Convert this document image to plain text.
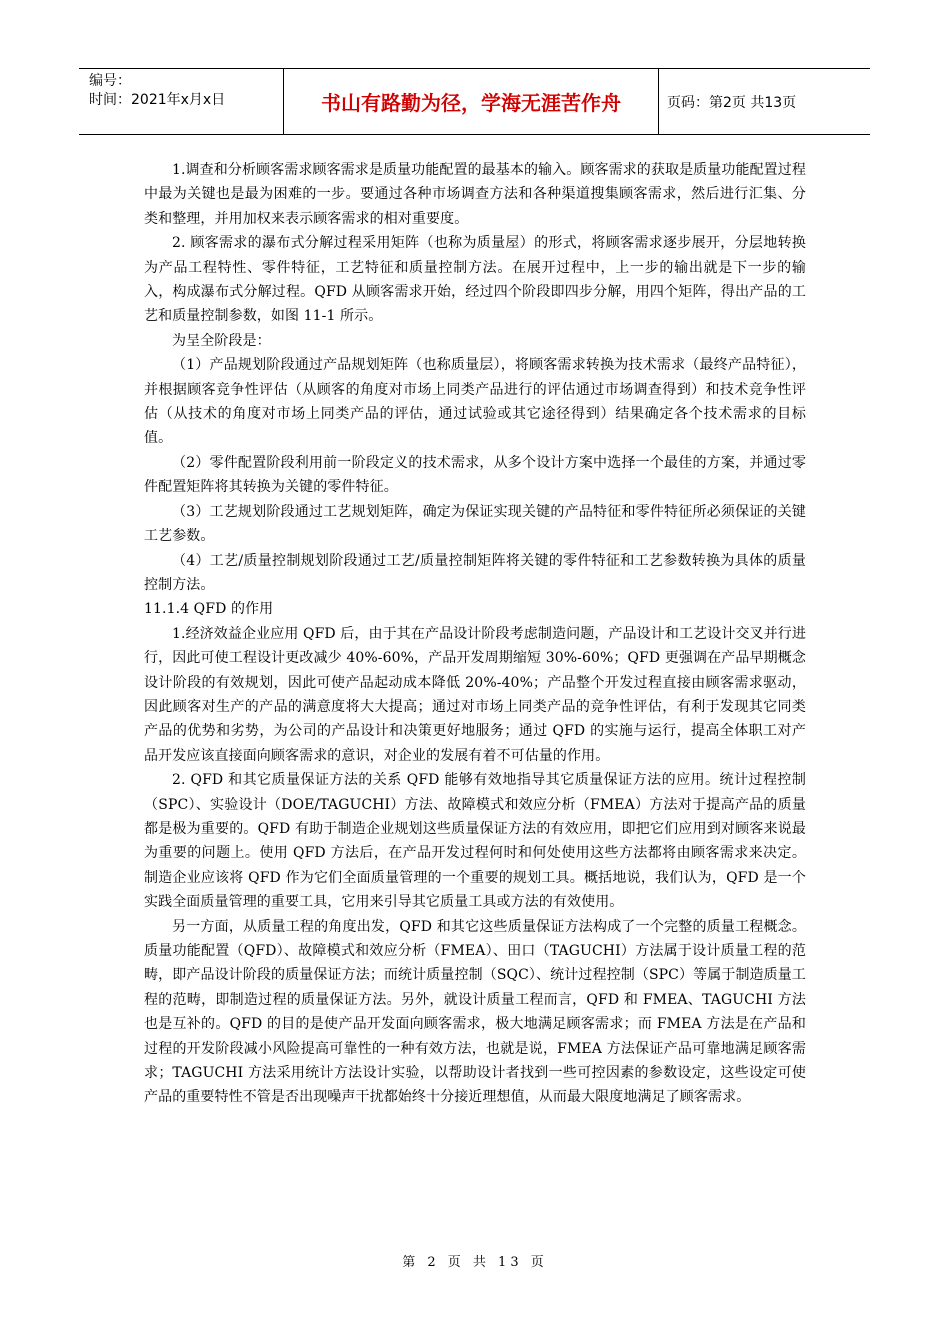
编号：
时间：2021年x月x日	书山有路勤为径，学海无涯苦作舟	页码：第2页 共13页

1.调查和分析顾客需求顾客需求是质量功能配置的最基本的输入。顾客需求的获取是质量功能配置过程中最为关键也是最为困难的一步。要通过各种市场调查方法和各种渠道搜集顾客需求，然后进行汇集、分类和整理，并用加权来表示顾客需求的相对重要度。

2. 顾客需求的瀑布式分解过程采用矩阵（也称为质量屋）的形式，将顾客需求逐步展开，分层地转换为产品工程特性、零件特征，工艺特征和质量控制方法。在展开过程中，上一步的输出就是下一步的输入，构成瀑布式分解过程。QFD 从顾客需求开始，经过四个阶段即四步分解，用四个矩阵，得出产品的工艺和质量控制参数，如图 11-1 所示。

为呈全阶段是：

（1）产品规划阶段通过产品规划矩阵（也称质量层），将顾客需求转换为技术需求（最终产品特征），并根据顾客竞争性评估（从顾客的角度对市场上同类产品进行的评估通过市场调查得到）和技术竞争性评估（从技术的角度对市场上同类产品的评估，通过试验或其它途径得到）结果确定各个技术需求的目标值。

（2）零件配置阶段利用前一阶段定义的技术需求，从多个设计方案中选择一个最佳的方案，并通过零件配置矩阵将其转换为关键的零件特征。

（3）工艺规划阶段通过工艺规划矩阵，确定为保证实现关键的产品特征和零件特征所必须保证的关键工艺参数。

（4）工艺/质量控制规划阶段通过工艺/质量控制矩阵将关键的零件特征和工艺参数转换为具体的质量控制方法。

11.1.4 QFD 的作用

1.经济效益企业应用 QFD 后，由于其在产品设计阶段考虑制造问题，产品设计和工艺设计交叉并行进行，因此可使工程设计更改减少 40%-60%，产品开发周期缩短 30%-60%；QFD 更强调在产品早期概念设计阶段的有效规划，因此可使产品起动成本降低 20%-40%；产品整个开发过程直接由顾客需求驱动，因此顾客对生产的产品的满意度将大大提高；通过对市场上同类产品的竞争性评估，有利于发现其它同类产品的优势和劣势，为公司的产品设计和决策更好地服务；通过 QFD 的实施与运行，提高全体职工对产品开发应该直接面向顾客需求的意识，对企业的发展有着不可估量的作用。

2. QFD 和其它质量保证方法的关系 QFD 能够有效地指导其它质量保证方法的应用。统计过程控制（SPC）、实验设计（DOE/TAGUCHI）方法、故障模式和效应分析（FMEA）方法对于提高产品的质量都是极为重要的。QFD 有助于制造企业规划这些质量保证方法的有效应用，即把它们应用到对顾客来说最为重要的问题上。使用 QFD 方法后，在产品开发过程何时和何处使用这些方法都将由顾客需求来决定。制造企业应该将 QFD 作为它们全面质量管理的一个重要的规划工具。概括地说，我们认为，QFD 是一个实践全面质量管理的重要工具，它用来引导其它质量工具或方法的有效使用。

另一方面，从质量工程的角度出发，QFD 和其它这些质量保证方法构成了一个完整的质量工程概念。质量功能配置（QFD）、故障模式和效应分析（FMEA）、田口（TAGUCHI）方法属于设计质量工程的范畴，即产品设计阶段的质量保证方法；而统计质量控制（SQC）、统计过程控制（SPC）等属于制造质量工程的范畴，即制造过程的质量保证方法。另外，就设计质量工程而言，QFD 和 FMEA、TAGUCHI 方法也是互补的。QFD 的目的是使产品开发面向顾客需求，极大地满足顾客需求；而 FMEA 方法是在产品和过程的开发阶段减小风险提高可靠性的一种有效方法，也就是说，FMEA 方法保证产品可靠地满足顾客需求；TAGUCHI 方法采用统计方法设计实验，以帮助设计者找到一些可控因素的参数设定，这些设定可使产品的重要特性不管是否出现噪声干扰都始终十分接近理想值，从而最大限度地满足了顾客需求。

第 2 页 共 13 页
